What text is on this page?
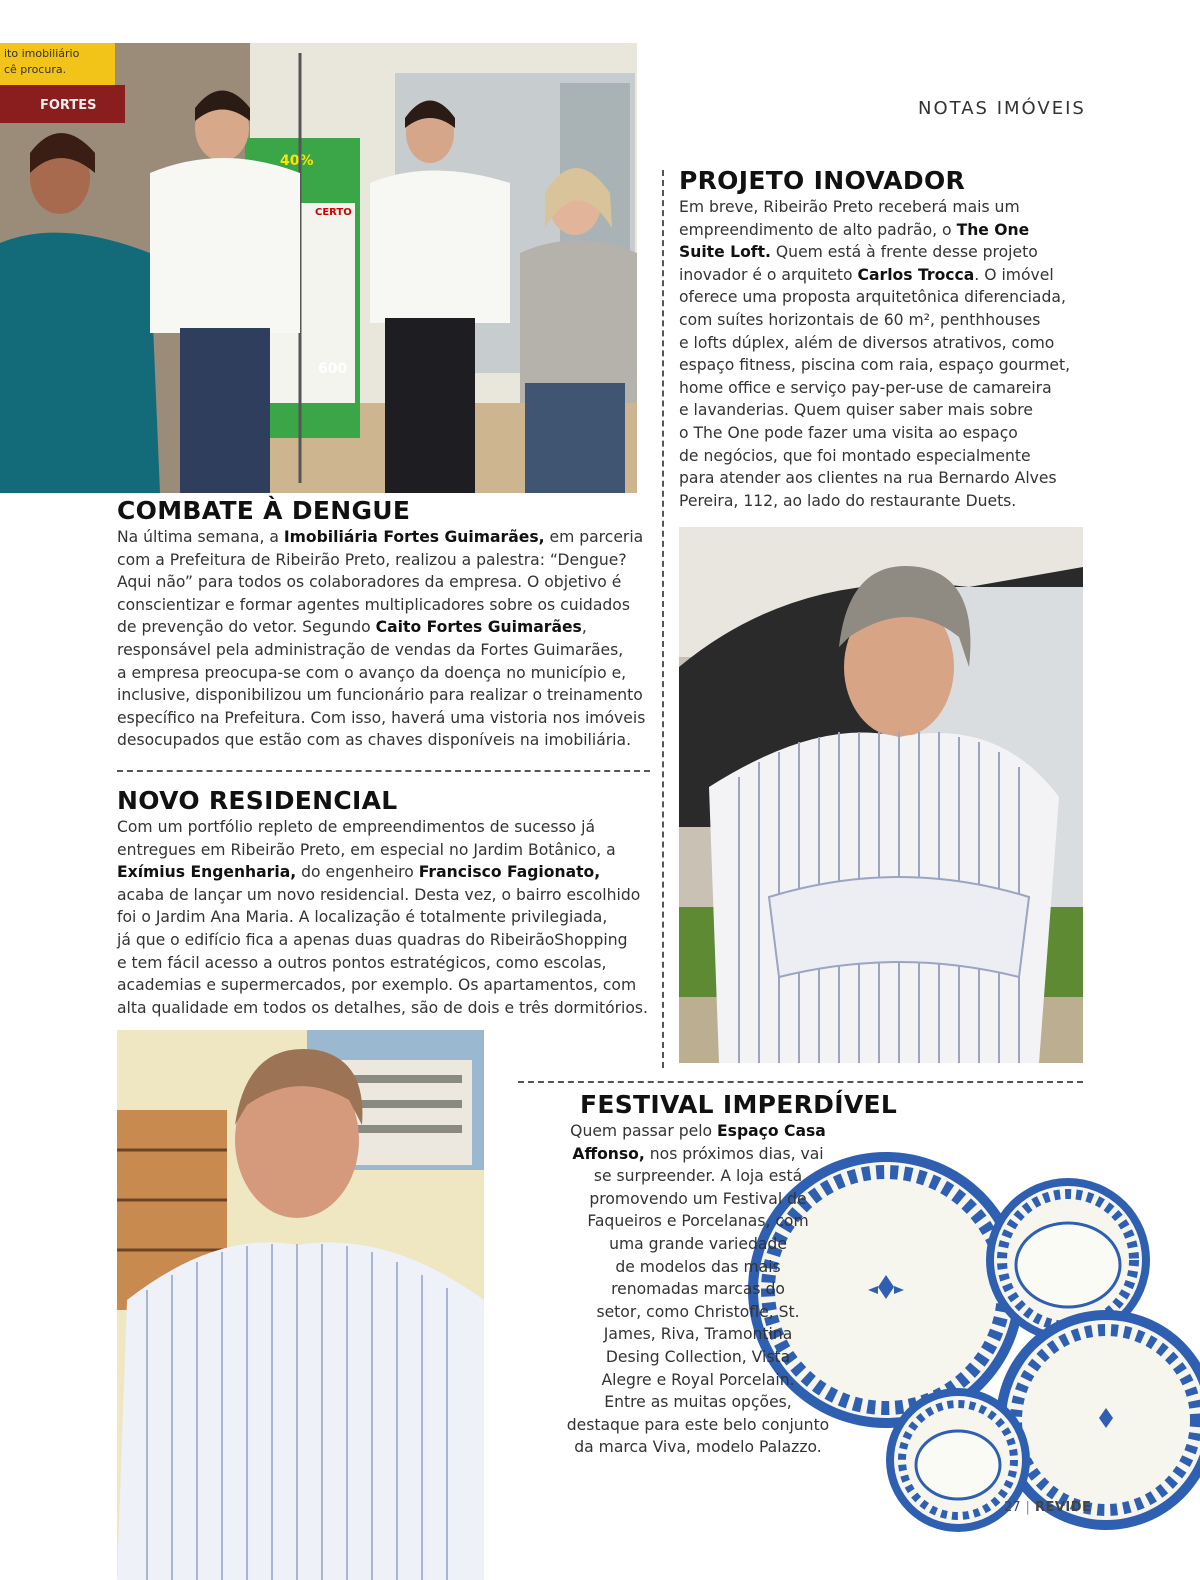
NOTAS IMÓVEIS
ito imobiliário
cê procura.
FORTES
40%
CERTO
600
PROJETO INOVADOR

Em breve, Ribeirão Preto receberá mais um

empreendimento de alto padrão, o The One

Suite Loft. Quem está à frente desse projeto

inovador é o arquiteto Carlos Trocca. O imóvel

oferece uma proposta arquitetônica diferenciada,

com suítes horizontais de 60 m², penthhouses

e lofts dúplex, além de diversos atrativos, como

espaço fitness, piscina com raia, espaço gourmet,

home office e serviço pay-per-use de camareira

e lavanderias. Quem quiser saber mais sobre

o The One pode fazer uma visita ao espaço

de negócios, que foi montado especialmente

para atender aos clientes na rua Bernardo Alves

Pereira, 112, ao lado do restaurante Duets.

COMBATE À DENGUE

Na última semana, a Imobiliária Fortes Guimarães, em parceria

com a Prefeitura de Ribeirão Preto, realizou a palestra: “Dengue?

Aqui não” para todos os colaboradores da empresa. O objetivo é

conscientizar e formar agentes multiplicadores sobre os cuidados

de prevenção do vetor. Segundo Caito Fortes Guimarães,

responsável pela administração de vendas da Fortes Guimarães,

a empresa preocupa-se com o avanço da doença no município e,

inclusive, disponibilizou um funcionário para realizar o treinamento

específico na Prefeitura. Com isso, haverá uma vistoria nos imóveis

desocupados que estão com as chaves disponíveis na imobiliária.

NOVO RESIDENCIAL

Com um portfólio repleto de empreendimentos de sucesso já

entregues em Ribeirão Preto, em especial no Jardim Botânico, a

Exímius Engenharia, do engenheiro Francisco Fagionato,

acaba de lançar um novo residencial. Desta vez, o bairro escolhido

foi o Jardim Ana Maria. A localização é totalmente privilegiada,

já que o edifício fica a apenas duas quadras do RibeirãoShopping

e tem fácil acesso a outros pontos estratégicos, como escolas,

academias e supermercados, por exemplo. Os apartamentos, com

alta qualidade em todos os detalhes, são de dois e três dormitórios.

FESTIVAL IMPERDÍVEL

Quem passar pelo Espaço Casa

Affonso, nos próximos dias, vai

se surpreender. A loja está

promovendo um Festival de

Faqueiros e Porcelanas, com

uma grande variedade

de modelos das mais

renomadas marcas do

setor, como Christofle, St.

James, Riva, Tramontina

Desing Collection, Vista

Alegre e Royal Porcelain.

Entre as muitas opções,

destaque para este belo conjunto

da marca Viva, modelo Palazzo.

27 | REVIDE
